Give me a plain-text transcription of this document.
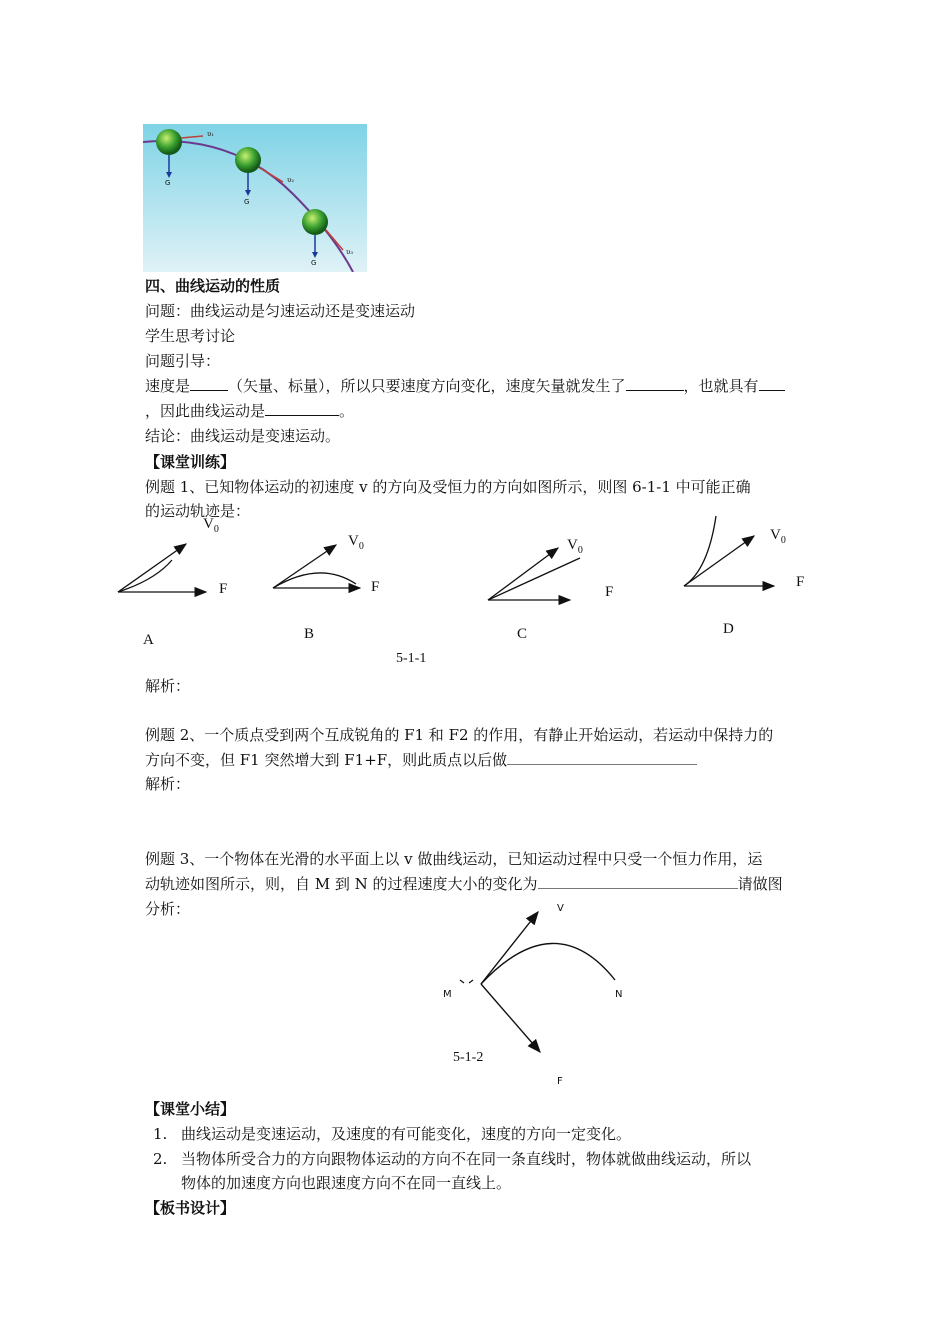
G
G
G
υ₁
υ₂
υ₃
四、曲线运动的性质
问题：曲线运动是匀速运动还是变速运动
学生思考讨论
问题引导：
速度是	（矢量、标量），所以只要速度方向变化，速度矢量就发生了	，也就具有
，因此曲线运动是	。
结论：曲线运动是变速运动。
【课堂训练】
例题 1、已知物体运动的初速度 v 的方向及受恒力的方向如图所示，则图 6-1-1 中可能正确
的运动轨迹是：
$V_0$
F
$V_0$
F
$V_0$
F
$V_0$
F
A	B	C	D
5-1-1
解析：
例题 2、一个质点受到两个互成锐角的 F1 和 F2 的作用，有静止开始运动，若运动中保持力的
方向不变，但 F1 突然增大到 F1+F，则此质点以后做
解析：
例题 3、一个物体在光滑的水平面上以 v 做曲线运动，已知运动过程中只受一个恒力作用，运
动轨迹如图所示，则，自 M 到 N 的过程速度大小的变化为	请做图
分析：	V
M	N
F
5-1-2
【课堂小结】
1. 曲线运动是变速运动，及速度的有可能变化，速度的方向一定变化。
2. 当物体所受合力的方向跟物体运动的方向不在同一条直线时，物体就做曲线运动，所以
物体的加速度方向也跟速度方向不在同一直线上。
【板书设计】
